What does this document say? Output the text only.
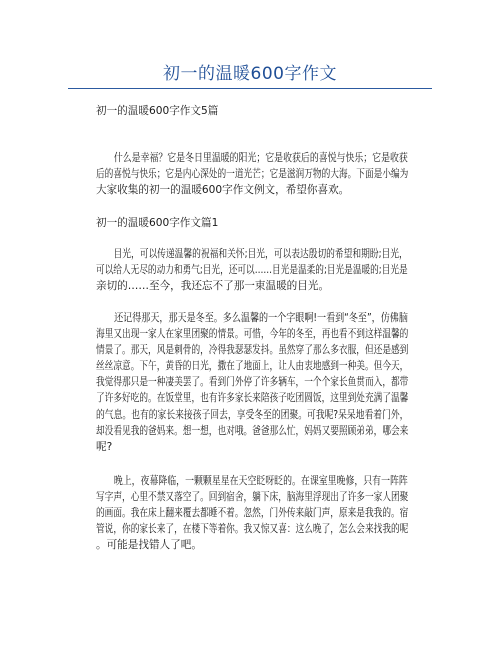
初一的温暖600字作文
初一的温暖600字作文5篇
　　什么是幸福？它是冬日里温暖的阳光；它是收获后的喜悦与快乐；它是收获
后的喜悦与快乐；它是内心深处的一道光芒；它是滋润万物的大海。下面是小编为
大家收集的初一的温暖600字作文例文，希望你喜欢。
初一的温暖600字作文篇1
　　目光，可以传递温馨的祝福和关怀;目光，可以表达殷切的希望和期盼;目光，
可以给人无尽的动力和勇气;目光，还可以……目光是温柔的;目光是温暖的;目光是
亲切的……至今，我还忘不了那一束温暖的目光。
　　还记得那天，那天是冬至。多么温馨的一个字眼啊!一看到“冬至”，仿佛脑
海里又出现一家人在家里团聚的情景。可惜，今年的冬至，再也看不到这样温馨的
情景了。那天，风是刺骨的，冷得我瑟瑟发抖。虽然穿了那么多衣服，但还是感到
丝丝凉意。下午，黄昏的日光，撒在了地面上，让人由衷地感到一种美。但今天，
我觉得那只是一种凄美罢了。看到门外停了许多辆车，一个个家长鱼贯而入，都带
了许多好吃的。在饭堂里，也有许多家长来陪孩子吃团圆饭，这里到处充满了温馨
的气息。也有的家长来接孩子回去，享受冬至的团聚。可我呢?呆呆地看着门外，
却没看见我的爸妈来。想一想，也对哦。爸爸那么忙，妈妈又要照顾弟弟，哪会来
呢?
　　晚上，夜幕降临，一颗颗星星在天空眨呀眨的。在课室里晚修，只有一阵阵
写字声，心里不禁又落空了。回到宿舍，躺下床，脑海里浮现出了许多一家人团聚
的画面。我在床上翻来覆去都睡不着。忽然，门外传来敲门声，原来是我我的。宿
管说，你的家长来了，在楼下等着你。我又惊又喜：这么晚了，怎么会来找我的呢
。可能是找错人了吧。
